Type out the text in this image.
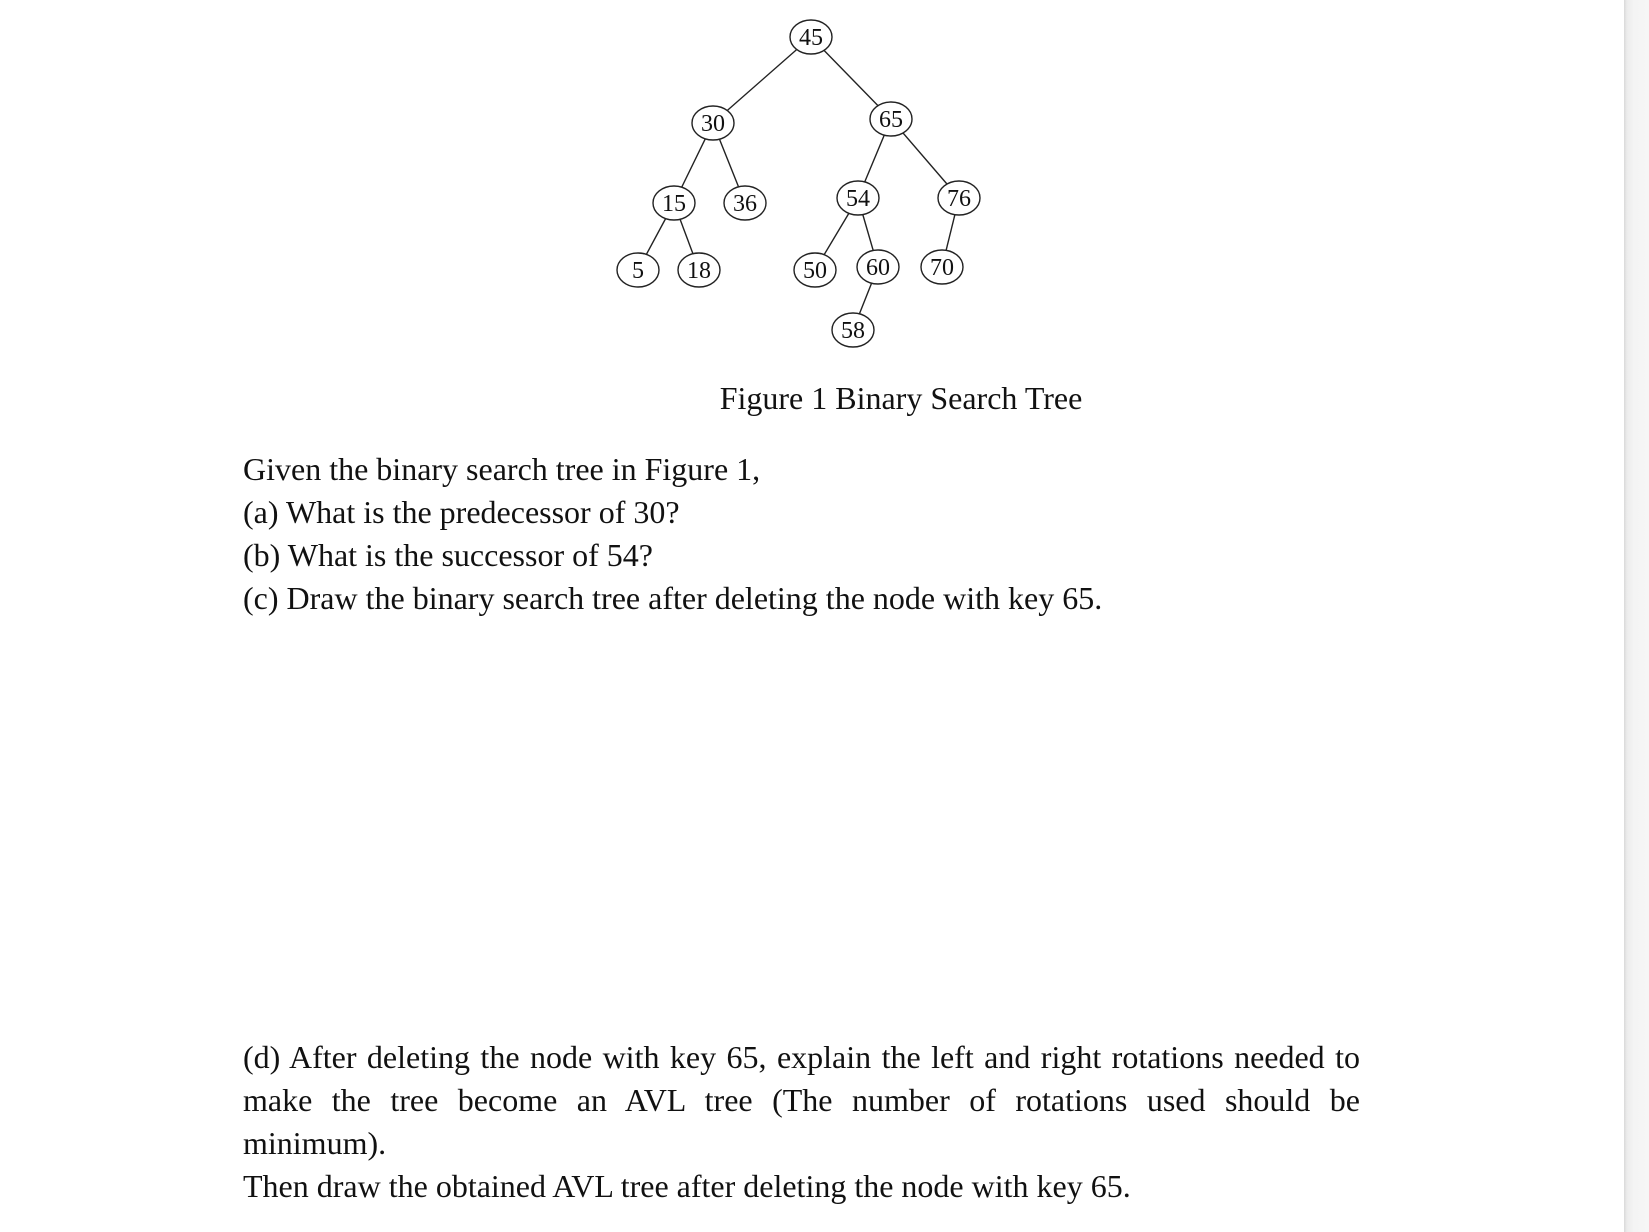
45
30	65
15 36	54	76
5 18	50 60 70
58
Figure 1 Binary Search Tree
Given the binary search tree in Figure 1,
(a) What is the predecessor of 30?
(b) What is the successor of 54?
(c) Draw the binary search tree after deleting the node with key 65.
(d) After deleting the node with key 65, explain the left and right rotations needed to
make the tree become an AVL tree (The number of rotations used should be minimum).
Then draw the obtained AVL tree after deleting the node with key 65.
